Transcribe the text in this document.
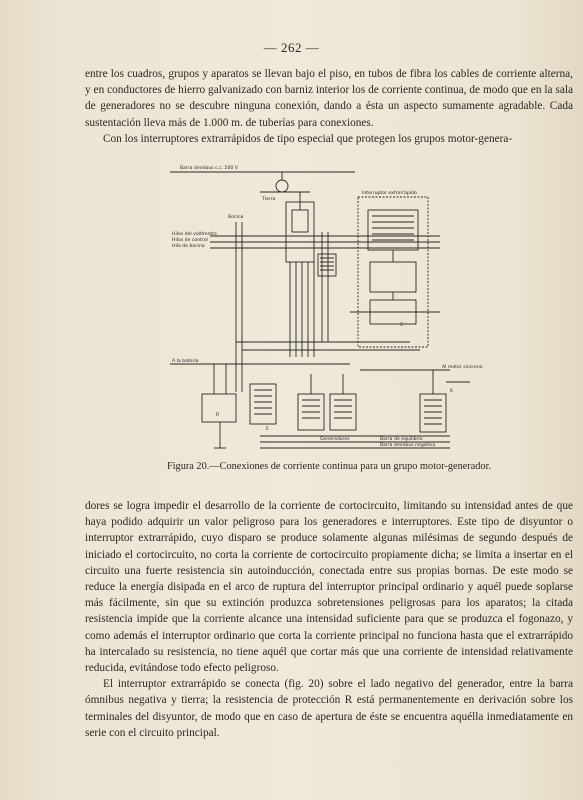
— 262 —

entre los cuadros, grupos y aparatos se llevan bajo el piso, en tubos de fibra los cables de corriente alterna, y en conductores de hierro galvanizado con barniz interior los de corriente continua, de modo que en la sala de generadores no se descubre ninguna conexión, dando a ésta un aspecto sumamente agradable. Cada sustentación lleva más de 1.000 m. de tuberías para conexiones.

Con los interruptores extrarrápidos de tipo especial que protegen los grupos motor-genera-

Barra ómnibus c.c. 500 V
Tierra
Interruptor extrarrápido
Bocina
Hilos del voltímetro
Hilos de control
Hilo de bocina
A la batería
Al motor síncrono
Generadores	Barra de equilibrio
Barra ómnibus negativa
R
E
C
K
Figura 20.—Conexiones de corriente continua para un grupo motor-generador.

dores se logra impedir el desarrollo de la corriente de cortocircuito, limitando su intensidad antes de que haya podido adquirir un valor peligroso para los generadores e interruptores. Este tipo de disyuntor o interruptor extrarrápido, cuyo disparo se produce solamente algunas milésimas de segundo después de iniciado el cortocircuito, no corta la corriente de cortocircuito propiamente dicha; se limita a insertar en el circuito una fuerte resistencia sin autoinducción, conectada entre sus propias bornas. De este modo se reduce la energía disipada en el arco de ruptura del interruptor principal ordinario y aquél puede soplarse más fácilmente, sin que su extinción produzca sobretensiones peligrosas para los aparatos; la citada resistencia impide que la corriente alcance una intensidad suficiente para que se produzca el fogonazo, y como además el interruptor ordinario que corta la corriente principal no funciona hasta que el extrarrápido ha intercalado su resistencia, no tiene aquél que cortar más que una corriente de intensidad relativamente reducida, evitándose todo efecto peligroso.

El interruptor extrarrápido se conecta (fig. 20) sobre el lado negativo del generador, entre la barra ómnibus negativa y tierra; la resistencia de protección R está permanentemente en derivación sobre los terminales del disyuntor, de modo que en caso de apertura de éste se encuentra aquélla inmediatamente en serie con el circuito principal.
